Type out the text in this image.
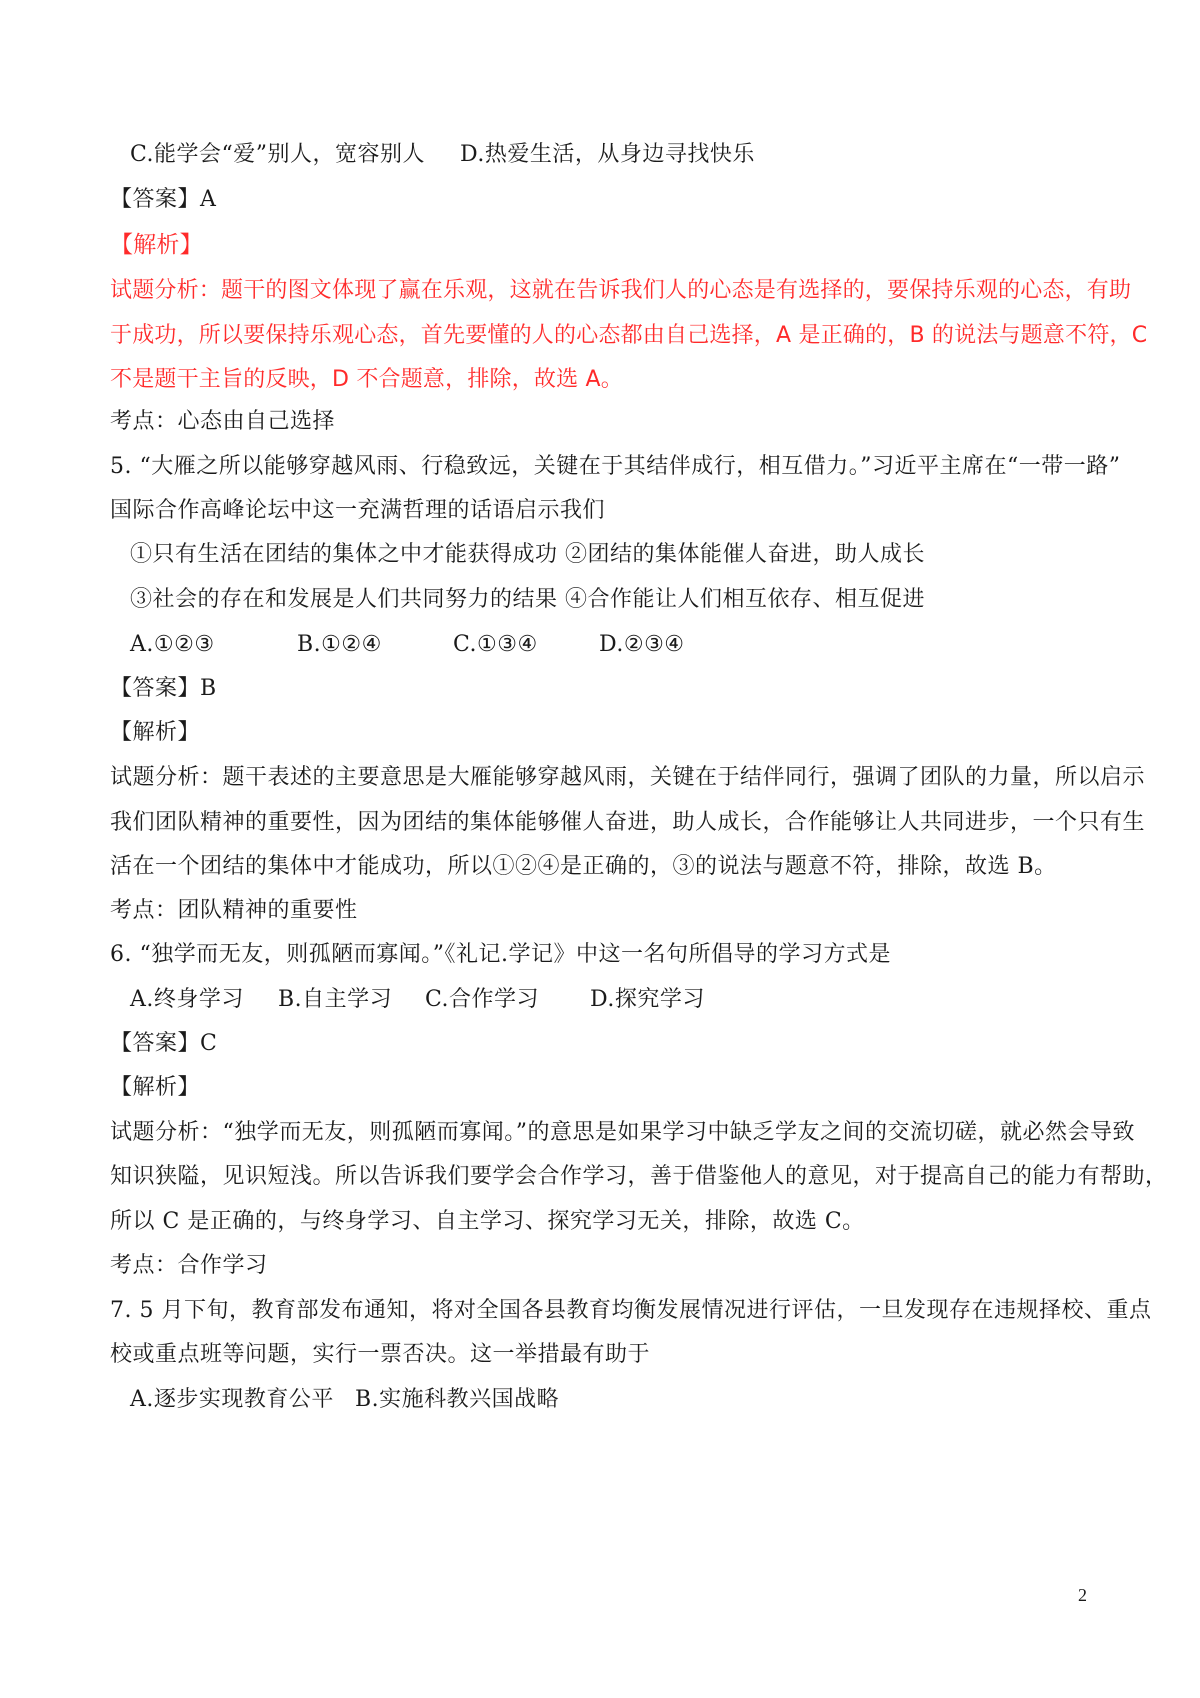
C.能学会“爱”别人，宽容别人 D.热爱生活，从身边寻找快乐
【答案】A
【解析】
试题分析：题干的图文体现了赢在乐观，这就在告诉我们人的心态是有选择的，要保持乐观的心态，有助
于成功，所以要保持乐观心态，首先要懂的人的心态都由自己选择，A 是正确的，B 的说法与题意不符，C
不是题干主旨的反映，D 不合题意，排除，故选 A。
考点：心态由自己选择
5. “大雁之所以能够穿越风雨、行稳致远，关键在于其结伴成行，相互借力。”习近平主席在“一带一路”
国际合作高峰论坛中这一充满哲理的话语启示我们
①只有生活在团结的集体之中才能获得成功 ②团结的集体能催人奋进，助人成长
③社会的存在和发展是人们共同努力的结果 ④合作能让人们相互依存、相互促进
A.①②③	B.①②④	C.①③④	D.②③④
【答案】B
【解析】
试题分析：题干表述的主要意思是大雁能够穿越风雨，关键在于结伴同行，强调了团队的力量，所以启示
我们团队精神的重要性，因为团结的集体能够催人奋进，助人成长，合作能够让人共同进步，一个只有生
活在一个团结的集体中才能成功，所以①②④是正确的，③的说法与题意不符，排除，故选 B。
考点：团队精神的重要性
6. “独学而无友，则孤陋而寡闻。”《礼记.学记》中这一名句所倡导的学习方式是
A.终身学习 B.自主学习 C.合作学习 D.探究学习
【答案】C
【解析】
试题分析：“独学而无友，则孤陋而寡闻。”的意思是如果学习中缺乏学友之间的交流切磋，就必然会导致
知识狭隘，见识短浅。所以告诉我们要学会合作学习，善于借鉴他人的意见，对于提高自己的能力有帮助，
所以 C 是正确的，与终身学习、自主学习、探究学习无关，排除，故选 C。
考点：合作学习
7. 5 月下旬，教育部发布通知，将对全国各县教育均衡发展情况进行评估，一旦发现存在违规择校、重点
校或重点班等问题，实行一票否决。这一举措最有助于
A.逐步实现教育公平 B.实施科教兴国战略
2
